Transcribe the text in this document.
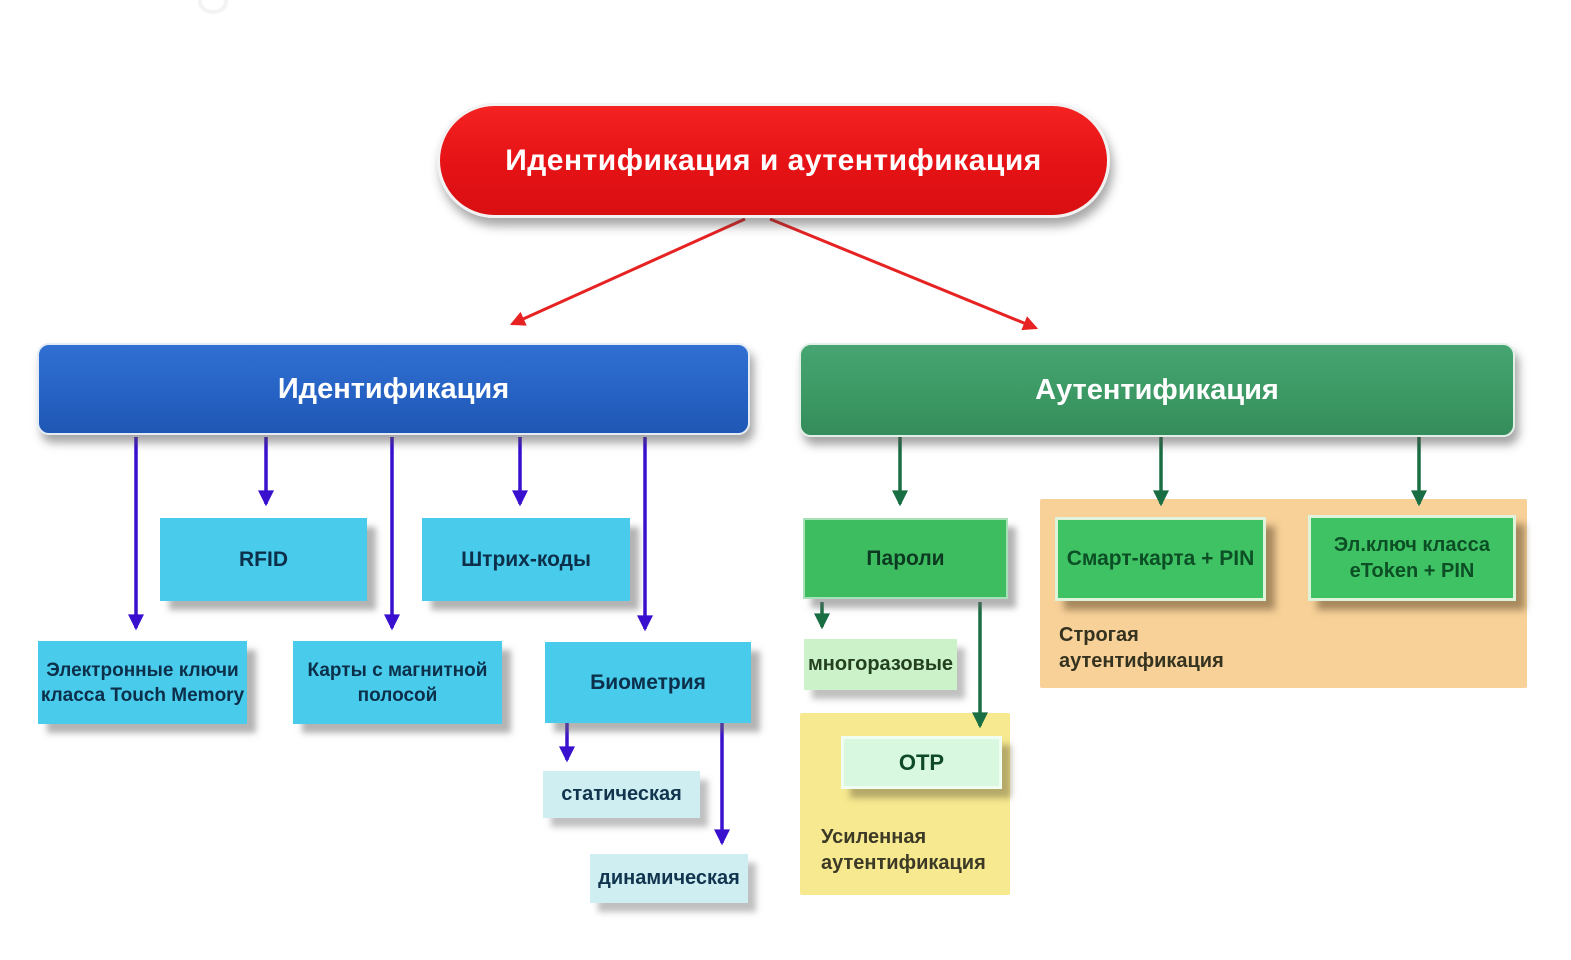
Идентификация и аутентификация
Идентификация	Аутентификация
RFID	Штрих-коды
Электронные ключи
класса Touch Memory
Карты с магнитной
полосой
Биометрия
статическая
динамическая
Пароли
многоразовые
OTP
Усиленная
аутентификация
Смарт-карта + PIN
Эл.ключ класса
eToken + PIN
Строгая
аутентификация
